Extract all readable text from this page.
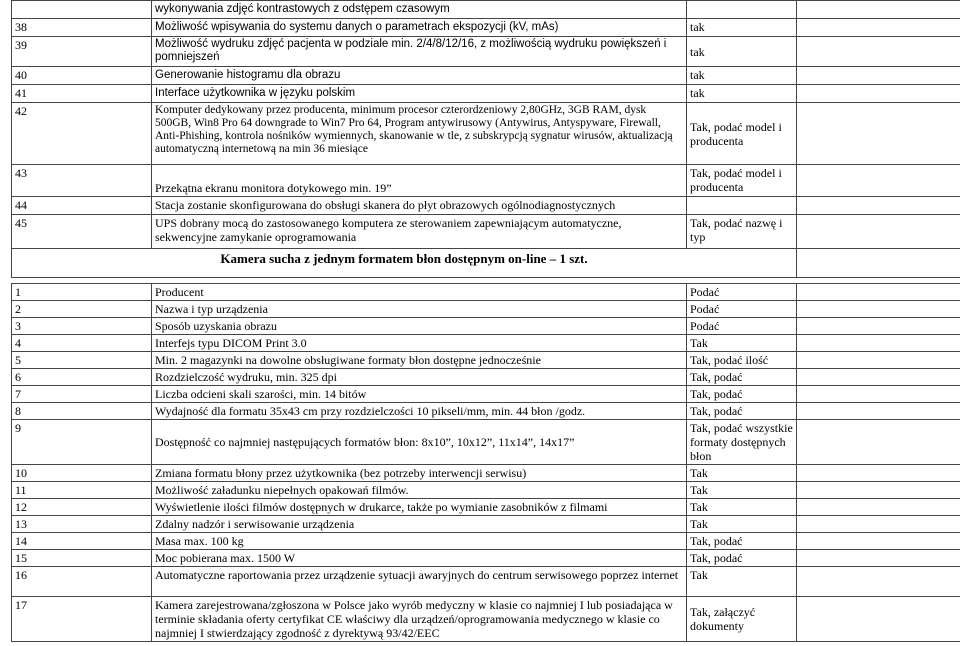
	wykonywania zdjęć kontrastowych z odstępem czasowym		
38	Możliwość wpisywania do systemu danych o parametrach ekspozycji (kV, mAs)	tak	
39	Możliwość wydruku zdjęć pacjenta w podziale min. 2/4/8/12/16, z możliwością wydruku powiększeń i pomniejszeń	tak	
40	Generowanie histogramu dla obrazu	tak	
41	Interface użytkownika w języku polskim	tak	
42	Komputer dedykowany przez producenta, minimum procesor czterordzeniowy 2,80GHz, 3GB RAM, dysk 500GB, Win8 Pro 64 downgrade to Win7 Pro 64, Program antywirusowy (Antywirus, Antyspyware, Firewall, Anti-Phishing, kontrola nośników wymiennych, skanowanie w tle, z subskrypcją sygnatur wirusów, aktualizacją automatyczną internetową na min 36 miesiące	Tak, podać model i producenta	
43	Przekątna ekranu monitora dotykowego min. 19”	Tak, podać model i producenta	
44	Stacja zostanie skonfigurowana do obsługi skanera do płyt obrazowych ogólnodiagnostycznych		
45	UPS dobrany mocą do zastosowanego komputera ze sterowaniem zapewniającym automatyczne, sekwencyjne zamykanie oprogramowania	Tak, podać nazwę i typ	
Kamera sucha z jednym formatem błon dostępnym on-line – 1 szt.			
1	Producent	Podać	
2	Nazwa i typ urządzenia	Podać	
3	Sposób uzyskania obrazu	Podać	
4	Interfejs typu DICOM Print 3.0	Tak	
5	Min. 2 magazynki na dowolne obsługiwane formaty błon dostępne jednocześnie	Tak, podać ilość	
6	Rozdzielczość wydruku, min. 325 dpi	Tak, podać	
7	Liczba odcieni skali szarości, min. 14 bitów	Tak, podać	
8	Wydajność dla formatu 35x43 cm przy rozdzielczości 10 pikseli/mm, min. 44 błon /godz.	Tak, podać	
9	Dostępność co najmniej następujących formatów błon: 8x10”, 10x12”, 11x14”, 14x17”	Tak, podać wszystkie formaty dostępnych błon	
10	Zmiana formatu błony przez użytkownika (bez potrzeby interwencji serwisu)	Tak	
11	Możliwość załadunku niepełnych opakowań filmów.	Tak	
12	Wyświetlenie ilości filmów dostępnych w drukarce, także po wymianie zasobników z filmami	Tak	
13	Zdalny nadzór i serwisowanie urządzenia	Tak	
14	Masa max. 100 kg	Tak, podać	
15	Moc pobierana max. 1500 W	Tak, podać	
16	Automatyczne raportowania przez urządzenie sytuacji awaryjnych do centrum serwisowego poprzez internet	Tak	
17	Kamera zarejestrowana/zgłoszona w Polsce jako wyrób medyczny w klasie co najmniej I lub posiadająca w terminie składania oferty certyfikat CE właściwy dla urządzeń/oprogramowania medycznego w klasie co najmniej I stwierdzający zgodność z dyrektywą 93/42/EEC	Tak, załączyć dokumenty	
